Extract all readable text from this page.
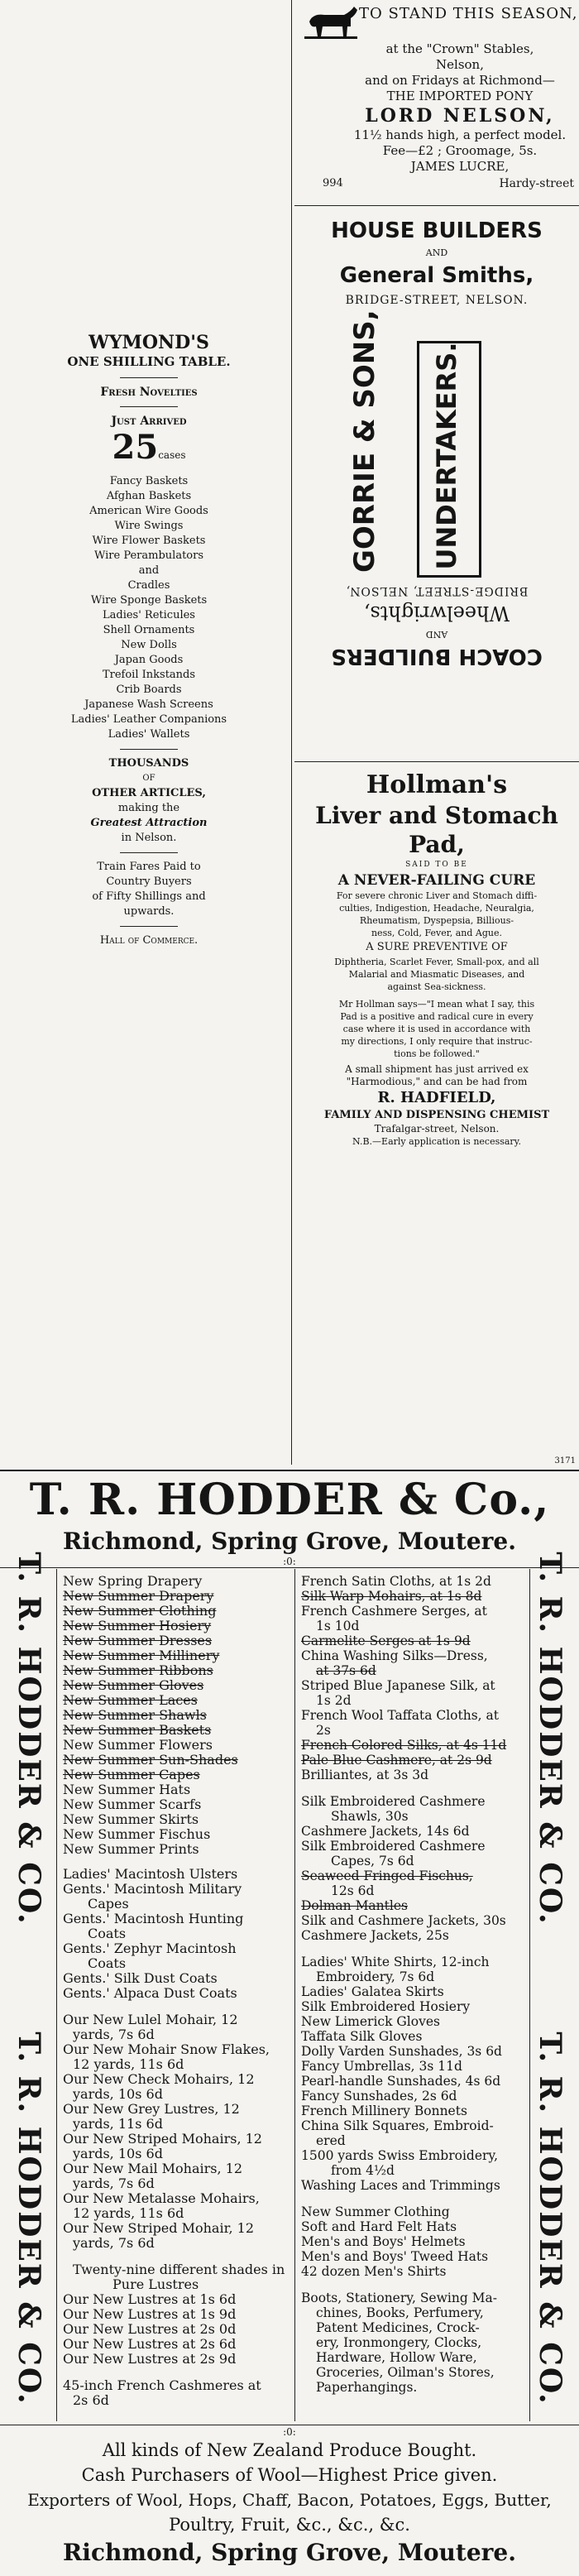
TO STAND THIS SEASON,
at the "Crown" Stables,
Nelson,
and on Fridays at Richmond—
THE IMPORTED PONY
LORD NELSON,
11½ hands high, a perfect model.
Fee—£2 ; Groomage, 5s.
JAMES LUCRE,
994	Hardy-street
WYMOND'S
ONE SHILLING TABLE.
Fresh Novelties
Just Arrived
25cases
Fancy Baskets
Afghan Baskets
American Wire Goods
Wire Swings
Wire Flower Baskets
Wire Perambulators
and
Cradles
Wire Sponge Baskets
Ladies' Reticules
Shell Ornaments
New Dolls
Japan Goods
Trefoil Inkstands
Crib Boards
Japanese Wash Screens
Ladies' Leather Companions
Ladies' Wallets
THOUSANDS
OF
OTHER ARTICLES,
making the
Greatest Attraction
in Nelson.
Train Fares Paid to
Country Buyers
of Fifty Shillings and
upwards.
Hall of Commerce.
HOUSE BUILDERS
AND
General Smiths,
BRIDGE-STREET, NELSON.
GORRIE & SONS, UNDERTAKERS.
COACH BUILDERS
AND
Wheelwrights,
BRIDGE-STREET, NELSON,
Hollman's
Liver and Stomach
Pad,
SAID TO BE
A NEVER-FAILING CURE
For severe chronic Liver and Stomach diffi-
culties, Indigestion, Headache, Neuralgia,
Rheumatism, Dyspepsia, Billious-
ness, Cold, Fever, and Ague.
A SURE PREVENTIVE OF
Diphtheria, Scarlet Fever, Small-pox, and all
Malarial and Miasmatic Diseases, and
against Sea-sickness.
Mr Hollman says—"I mean what I say, this
Pad is a positive and radical cure in every
case where it is used in accordance with
my directions, I only require that instruc-
tions be followed."
A small shipment has just arrived ex
"Harmodious," and can be had from
R. HADFIELD,
FAMILY AND DISPENSING CHEMIST
Trafalgar-street, Nelson.
N.B.—Early application is necessary.
3171
T. R. HODDER & Co.,
Richmond, Spring Grove, Moutere.
:0:
T. R. HODDER & CO.
T. R. HODDER & CO.
T. R. HODDER & CO.
T. R. HODDER & CO.
New Spring Drapery
New Summer Drapery
New Summer Clothing
New Summer Hosiery
New Summer Dresses
New Summer Millinery
New Summer Ribbons
New Summer Gloves
New Summer Laces
New Summer Shawls
New Summer Baskets
New Summer Flowers
New Summer Sun-Shades
New Summer Capes
New Summer Hats
New Summer Scarfs
New Summer Skirts
New Summer Fischus
New Summer Prints
Ladies' Macintosh Ulsters
Gents.' Macintosh Military
Capes
Gents.' Macintosh Hunting
Coats
Gents.' Zephyr Macintosh
Coats
Gents.' Silk Dust Coats
Gents.' Alpaca Dust Coats
Our New Lulel Mohair, 12
yards, 7s 6d
Our New Mohair Snow Flakes,
12 yards, 11s 6d
Our New Check Mohairs, 12
yards, 10s 6d
Our New Grey Lustres, 12
yards, 11s 6d
Our New Striped Mohairs, 12
yards, 10s 6d
Our New Mail Mohairs, 12
yards, 7s 6d
Our New Metalasse Mohairs,
12 yards, 11s 6d
Our New Striped Mohair, 12
yards, 7s 6d
Twenty-nine different shades in
Pure Lustres
Our New Lustres at 1s 6d
Our New Lustres at 1s 9d
Our New Lustres at 2s 0d
Our New Lustres at 2s 6d
Our New Lustres at 2s 9d
45-inch French Cashmeres at
2s 6d
French Satin Cloths, at 1s 2d
Silk Warp Mohairs, at 1s 8d
French Cashmere Serges, at
1s 10d
Carmelite Serges at 1s 9d
China Washing Silks—Dress,
at 37s 6d
Striped Blue Japanese Silk, at
1s 2d
French Wool Taffata Cloths, at
2s
French Colored Silks, at 4s 11d
Pale Blue Cashmere, at 2s 9d
Brilliantes, at 3s 3d
Silk Embroidered Cashmere
Shawls, 30s
Cashmere Jackets, 14s 6d
Silk Embroidered Cashmere
Capes, 7s 6d
Seaweed Fringed Fischus,
12s 6d
Dolman Mantles
Silk and Cashmere Jackets, 30s
Cashmere Jackets, 25s
Ladies' White Shirts, 12-inch
Embroidery, 7s 6d
Ladies' Galatea Skirts
Silk Embroidered Hosiery
New Limerick Gloves
Taffata Silk Gloves
Dolly Varden Sunshades, 3s 6d
Fancy Umbrellas, 3s 11d
Pearl-handle Sunshades, 4s 6d
Fancy Sunshades, 2s 6d
French Millinery Bonnets
China Silk Squares, Embroid-
ered
1500 yards Swiss Embroidery,
from 4½d
Washing Laces and Trimmings
New Summer Clothing
Soft and Hard Felt Hats
Men's and Boys' Helmets
Men's and Boys' Tweed Hats
42 dozen Men's Shirts
Boots, Stationery, Sewing Ma-
chines, Books, Perfumery,
Patent Medicines, Crock-
ery, Ironmongery, Clocks,
Hardware, Hollow Ware,
Groceries, Oilman's Stores,
Paperhangings.
:0:
All kinds of New Zealand Produce Bought.
Cash Purchasers of Wool—Highest Price given.
Exporters of Wool, Hops, Chaff, Bacon, Potatoes, Eggs, Butter,
Poultry, Fruit, &c., &c., &c.
Richmond, Spring Grove, Moutere.
